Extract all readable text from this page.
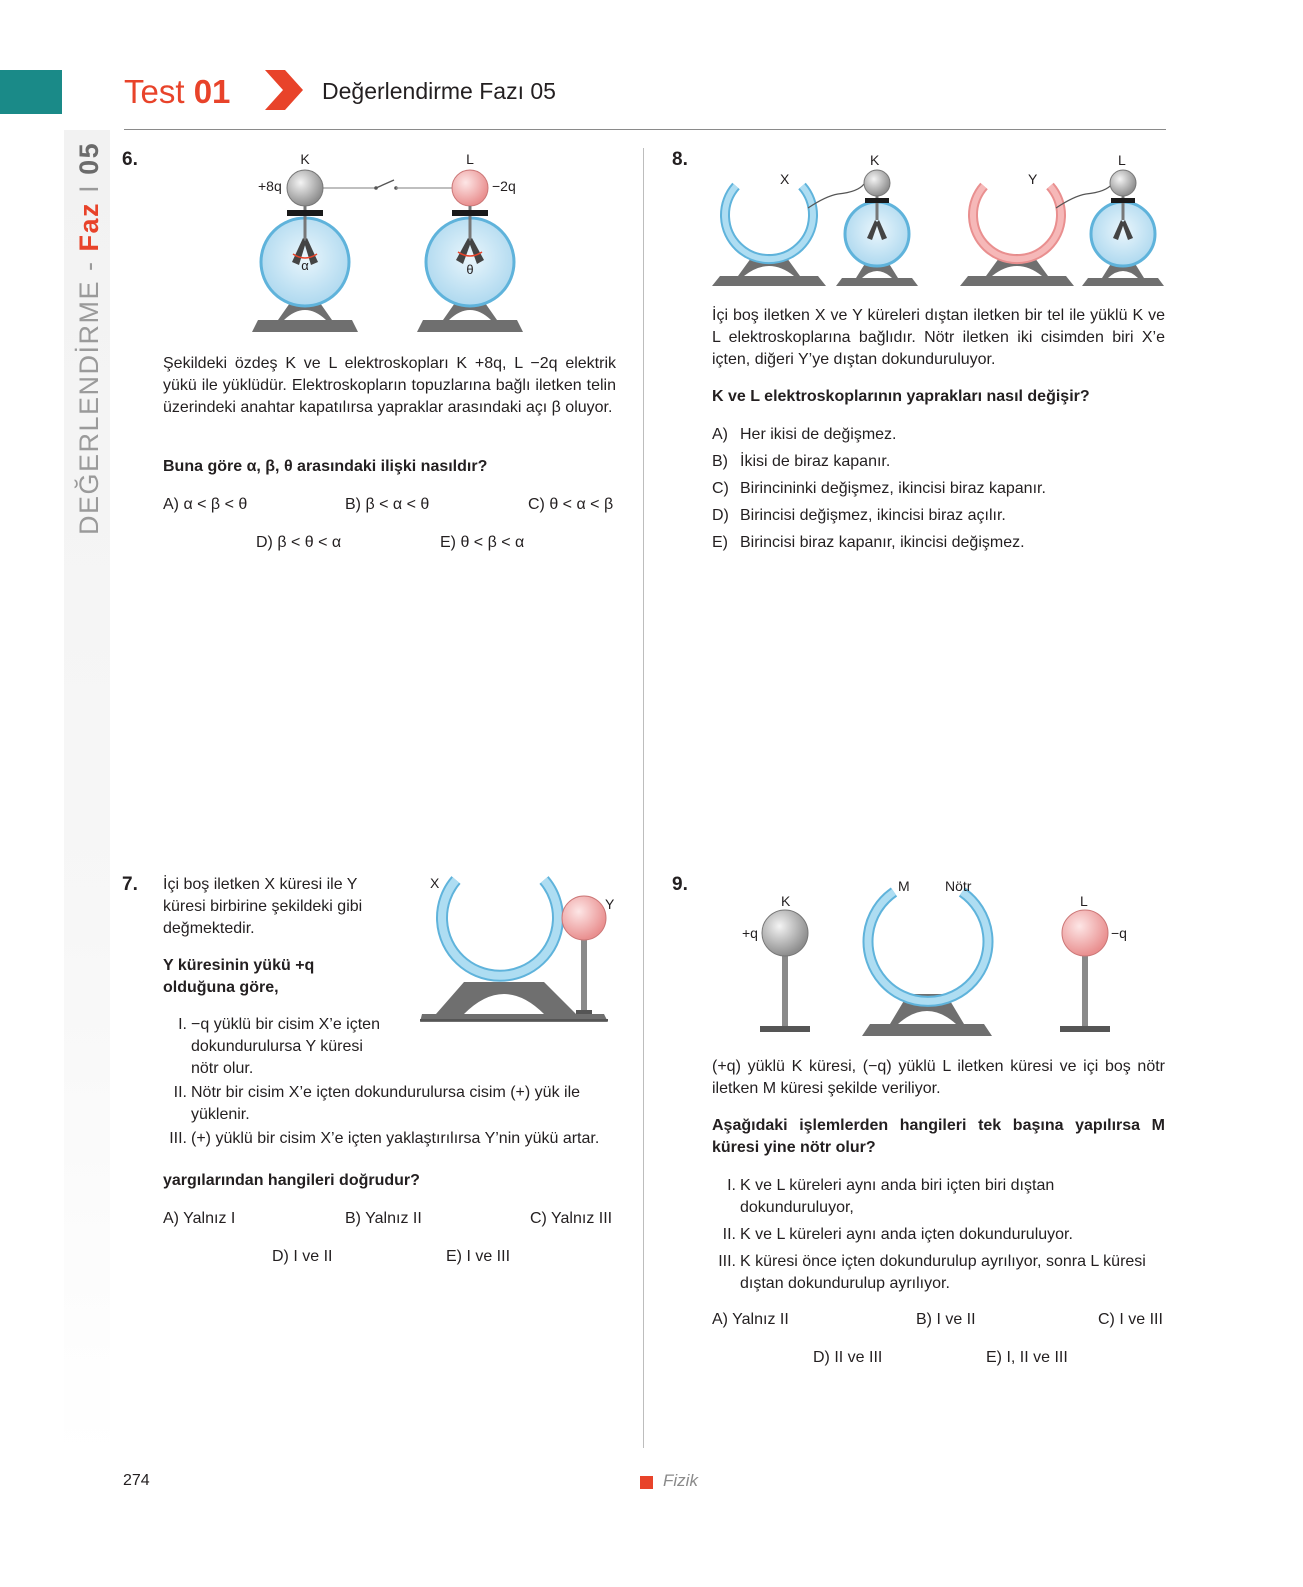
DEĞERLENDİRME - Faz I 05
Test 01	Değerlendirme Fazı 05
6.	K	L
+8q	−2q
α	θ
Şekildeki özdeş K ve L elektroskopları K +8q, L −2q elektrik yükü ile yüklüdür. Elektroskopların topuzlarına bağlı iletken telin üzerindeki anahtar kapatılırsa yapraklar arasındaki açı β oluyor.
Buna göre α, β, θ arasındaki ilişki nasıldır?
A) α < β < θ	B) β < α < θ	C) θ < α < β
D) β < θ < α	E) θ < β < α
7. İçi boş iletken X küresi ile Y küresi birbirine şekildeki gibi değmektedir.
Y küresinin yükü +q olduğuna göre,
X
Y
I. −q yüklü bir cisim X’e içten dokundurulursa Y küresi nötr olur.
II. Nötr bir cisim X’e içten dokundurulursa cisim (+) yük ile yüklenir.
III. (+) yüklü bir cisim X’e içten yaklaştırılırsa Y’nin yükü artar.
yargılarından hangileri doğrudur?
A) Yalnız I	B) Yalnız II	C) Yalnız III
D) I ve II	E) I ve III
8.
X
K
Y
L
İçi boş iletken X ve Y küreleri dıştan iletken bir tel ile yüklü K ve L elektroskoplarına bağlıdır. Nötr iletken iki cisimden biri X’e içten, diğeri Y’ye dıştan dokunduruluyor.
K ve L elektroskoplarının yaprakları nasıl değişir?
A) Her ikisi de değişmez.
B) İkisi de biraz kapanır.
C) Birincininki değişmez, ikincisi biraz kapanır.
D) Birincisi değişmez, ikincisi biraz açılır.
E) Birincisi biraz kapanır, ikincisi değişmez.
9.
K
+q
M	Nötr
L
−q
(+q) yüklü K küresi, (−q) yüklü L iletken küresi ve içi boş nötr iletken M küresi şekilde veriliyor.
Aşağıdaki işlemlerden hangileri tek başına yapılırsa M küresi yine nötr olur?
I. K ve L küreleri aynı anda biri içten biri dıştan dokunduruluyor,
II. K ve L küreleri aynı anda içten dokunduruluyor.
III. K küresi önce içten dokundurulup ayrılıyor, sonra L küresi dıştan dokundurulup ayrılıyor.
A) Yalnız II	B) I ve II	C) I ve III
D) II ve III	E) I, II ve III
274	Fizik
